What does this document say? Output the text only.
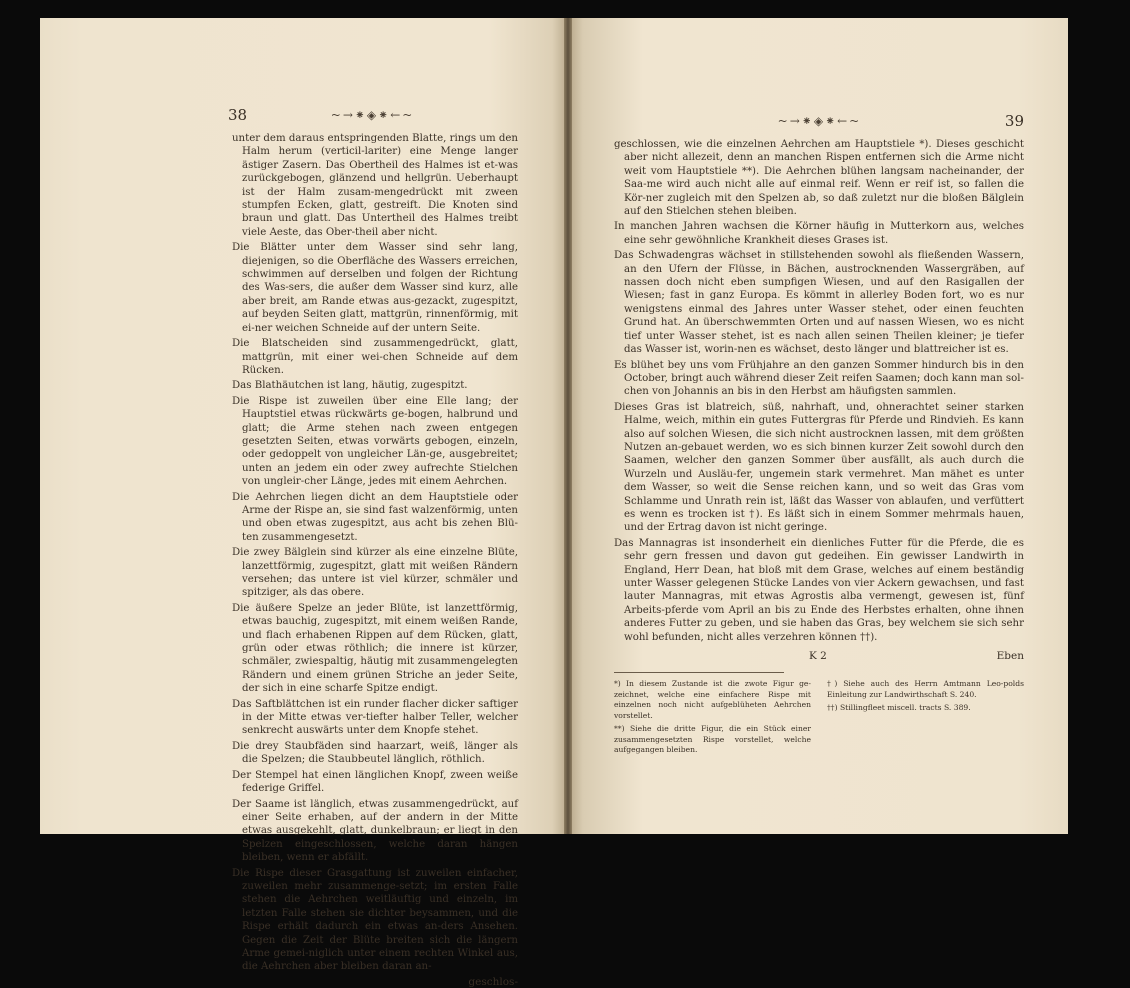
38	~→⁕◈⁕←~

unter dem daraus entspringenden Blatte, rings um den Halm herum (verticil-lariter) eine Menge langer ästiger Zasern. Das Obertheil des Halmes ist et-was zurückgebogen, glänzend und hellgrün. Ueberhaupt ist der Halm zusam-mengedrückt mit zween stumpfen Ecken, glatt, gestreift. Die Knoten sind braun und glatt. Das Untertheil des Halmes treibt viele Aeste, das Ober-theil aber nicht.

Die Blätter unter dem Wasser sind sehr lang, diejenigen, so die Oberfläche des Wassers erreichen, schwimmen auf derselben und folgen der Richtung des Was-sers, die außer dem Wasser sind kurz, alle aber breit, am Rande etwas aus-gezackt, zugespitzt, auf beyden Seiten glatt, mattgrün, rinnenförmig, mit ei-ner weichen Schneide auf der untern Seite.

Die Blatscheiden sind zusammengedrückt, glatt, mattgrün, mit einer wei-chen Schneide auf dem Rücken.

Das Blathäutchen ist lang, häutig, zugespitzt.

Die Rispe ist zuweilen über eine Elle lang; der Hauptstiel etwas rückwärts ge-bogen, halbrund und glatt; die Arme stehen nach zween entgegen gesetzten Seiten, etwas vorwärts gebogen, einzeln, oder gedoppelt von ungleicher Län-ge, ausgebreitet; unten an jedem ein oder zwey aufrechte Stielchen von ungleir-cher Länge, jedes mit einem Aehrchen.

Die Aehrchen liegen dicht an dem Hauptstiele oder Arme der Rispe an, sie sind fast walzenförmig, unten und oben etwas zugespitzt, aus acht bis zehen Blü-ten zusammengesetzt.

Die zwey Bälglein sind kürzer als eine einzelne Blüte, lanzettförmig, zugespitzt, glatt mit weißen Rändern versehen; das untere ist viel kürzer, schmäler und spitziger, als das obere.

Die äußere Spelze an jeder Blüte, ist lanzettförmig, etwas bauchig, zugespitzt, mit einem weißen Rande, und flach erhabenen Rippen auf dem Rücken, glatt, grün oder etwas röthlich; die innere ist kürzer, schmäler, zwiespaltig, häutig mit zusammengelegten Rändern und einem grünen Striche an jeder Seite, der sich in eine scharfe Spitze endigt.

Das Saftblättchen ist ein runder flacher dicker saftiger in der Mitte etwas ver-tiefter halber Teller, welcher senkrecht auswärts unter dem Knopfe stehet.

Die drey Staubfäden sind haarzart, weiß, länger als die Spelzen; die Staubbeutel länglich, röthlich.

Der Stempel hat einen länglichen Knopf, zween weiße federige Griffel.

Der Saame ist länglich, etwas zusammengedrückt, auf einer Seite erhaben, auf der andern in der Mitte etwas ausgekehlt, glatt, dunkelbraun; er liegt in den Spelzen eingeschlossen, welche daran hängen bleiben, wenn er abfällt.

Die Rispe dieser Grasgattung ist zuweilen einfacher, zuweilen mehr zusammenge-setzt; im ersten Falle stehen die Aehrchen weitläuftig und einzeln, im letzten Falle stehen sie dichter beysammen, und die Rispe erhält dadurch ein etwas an-ders Ansehen. Gegen die Zeit der Blüte breiten sich die längern Arme gemei-niglich unter einem rechten Winkel aus, die Aehrchen aber bleiben daran an-

geschlos-
~→⁕◈⁕←~	39

geschlossen, wie die einzelnen Aehrchen am Hauptstiele *). Dieses geschicht aber nicht allezeit, denn an manchen Rispen entfernen sich die Arme nicht weit vom Hauptstiele **). Die Aehrchen blühen langsam nacheinander, der Saa-me wird auch nicht alle auf einmal reif. Wenn er reif ist, so fallen die Kör-ner zugleich mit den Spelzen ab, so daß zuletzt nur die bloßen Bälglein auf den Stielchen stehen bleiben.

In manchen Jahren wachsen die Körner häufig in Mutterkorn aus, welches eine sehr gewöhnliche Krankheit dieses Grases ist.

Das Schwadengras wächset in stillstehenden sowohl als fließenden Wassern, an den Ufern der Flüsse, in Bächen, austrocknenden Wassergräben, auf nassen doch nicht eben sumpfigen Wiesen, und auf den Rasigallen der Wiesen; fast in ganz Europa. Es kömmt in allerley Boden fort, wo es nur wenigstens einmal des Jahres unter Wasser stehet, oder einen feuchten Grund hat. An überschwemmten Orten und auf nassen Wiesen, wo es nicht tief unter Wasser stehet, ist es nach allen seinen Theilen kleiner; je tiefer das Wasser ist, worin-nen es wächset, desto länger und blattreicher ist es.

Es blühet bey uns vom Frühjahre an den ganzen Sommer hindurch bis in den October, bringt auch während dieser Zeit reifen Saamen; doch kann man sol-chen von Johannis an bis in den Herbst am häufigsten sammlen.

Dieses Gras ist blatreich, süß, nahrhaft, und, ohnerachtet seiner starken Halme, weich, mithin ein gutes Futtergras für Pferde und Rindvieh. Es kann also auf solchen Wiesen, die sich nicht austrocknen lassen, mit dem größten Nutzen an-gebauet werden, wo es sich binnen kurzer Zeit sowohl durch den Saamen, welcher den ganzen Sommer über ausfällt, als auch durch die Wurzeln und Ausläu-fer, ungemein stark vermehret. Man mähet es unter dem Wasser, so weit die Sense reichen kann, und so weit das Gras vom Schlamme und Unrath rein ist, läßt das Wasser von ablaufen, und verfüttert es wenn es trocken ist †). Es läßt sich in einem Sommer mehrmals hauen, und der Ertrag davon ist nicht geringe.

Das Mannagras ist insonderheit ein dienliches Futter für die Pferde, die es sehr gern fressen und davon gut gedeihen. Ein gewisser Landwirth in England, Herr Dean, hat bloß mit dem Grase, welches auf einem beständig unter Wasser gelegenen Stücke Landes von vier Ackern gewachsen, und fast lauter Mannagras, mit etwas Agrostis alba vermengt, gewesen ist, fünf Arbeits-pferde vom April an bis zu Ende des Herbstes erhalten, ohne ihnen anderes Futter zu geben, und sie haben das Gras, bey welchem sie sich sehr wohl befunden, nicht alles verzehren können ††).

K 2	Eben

*) In diesem Zustande ist die zwote Figur ge-zeichnet, welche eine einfachere Rispe mit einzelnen noch nicht aufgeblüheten Aehrchen vorstellet.

**) Siehe die dritte Figur, die ein Stück einer zusammengesetzten Rispe vorstellet, welche aufgegangen bleiben.

†) Siehe auch des Herrn Amtmann Leo-polds Einleitung zur Landwirthschaft S. 240.

††) Stillingfleet miscell. tracts S. 389.
